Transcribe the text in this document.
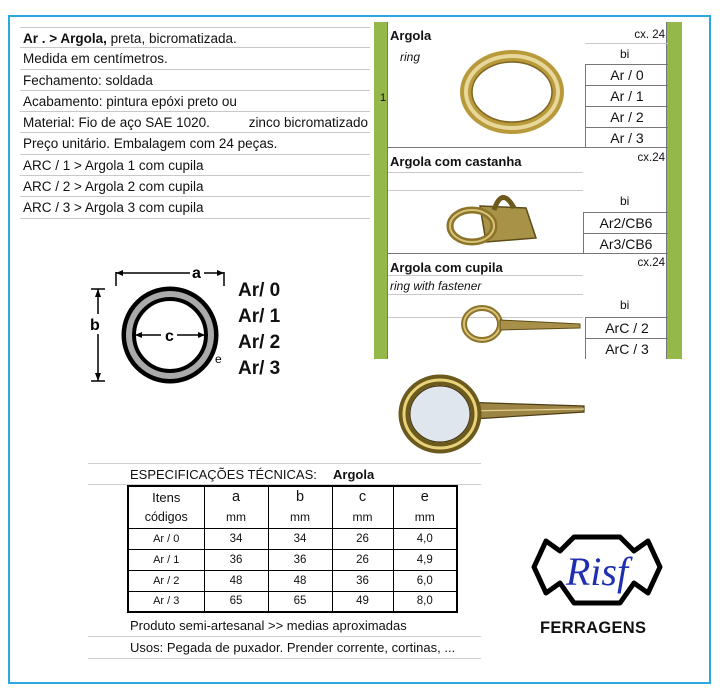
Ar . > Argola, preta, bicromatizada.
Medida em centímetros.
Fechamento: soldada
Acabamento: pintura epóxi preto ou
Material: Fio de aço SAE 1020.	zinco bicromatizado
Preço unitário. Embalagem com 24 peças.
ARC / 1 > Argola 1 com cupila
ARC / 2 > Argola 2 com cupila
ARC / 3 > Argola 3 com cupila
1
Argola
ring
cx. 24
bi
Ar / 0
Ar / 1
Ar / 2
Ar / 3
Argola com castanha	cx.24
bi
Ar2/CB6
Ar3/CB6
Argola com cupila
ring with fastener
cx.24
bi
ArC / 2
ArC / 3
a
b
c
e
Ar/ 0
Ar/ 1
Ar/ 2
Ar/ 3
ESPECIFICAÇÕES TÉCNICAS: Argola
Itens	a	b	c	e
códigos	mm	mm	mm	mm
Ar / 0	34	34	26	4,0
Ar / 1	36	36	26	4,9
Ar / 2	48	48	36	6,0
Ar / 3	65	65	49	8,0
Produto semi-artesanal >> medias aproximadas
Usos: Pegada de puxador. Prender corrente, cortinas, ...
Risf
FERRAGENS
